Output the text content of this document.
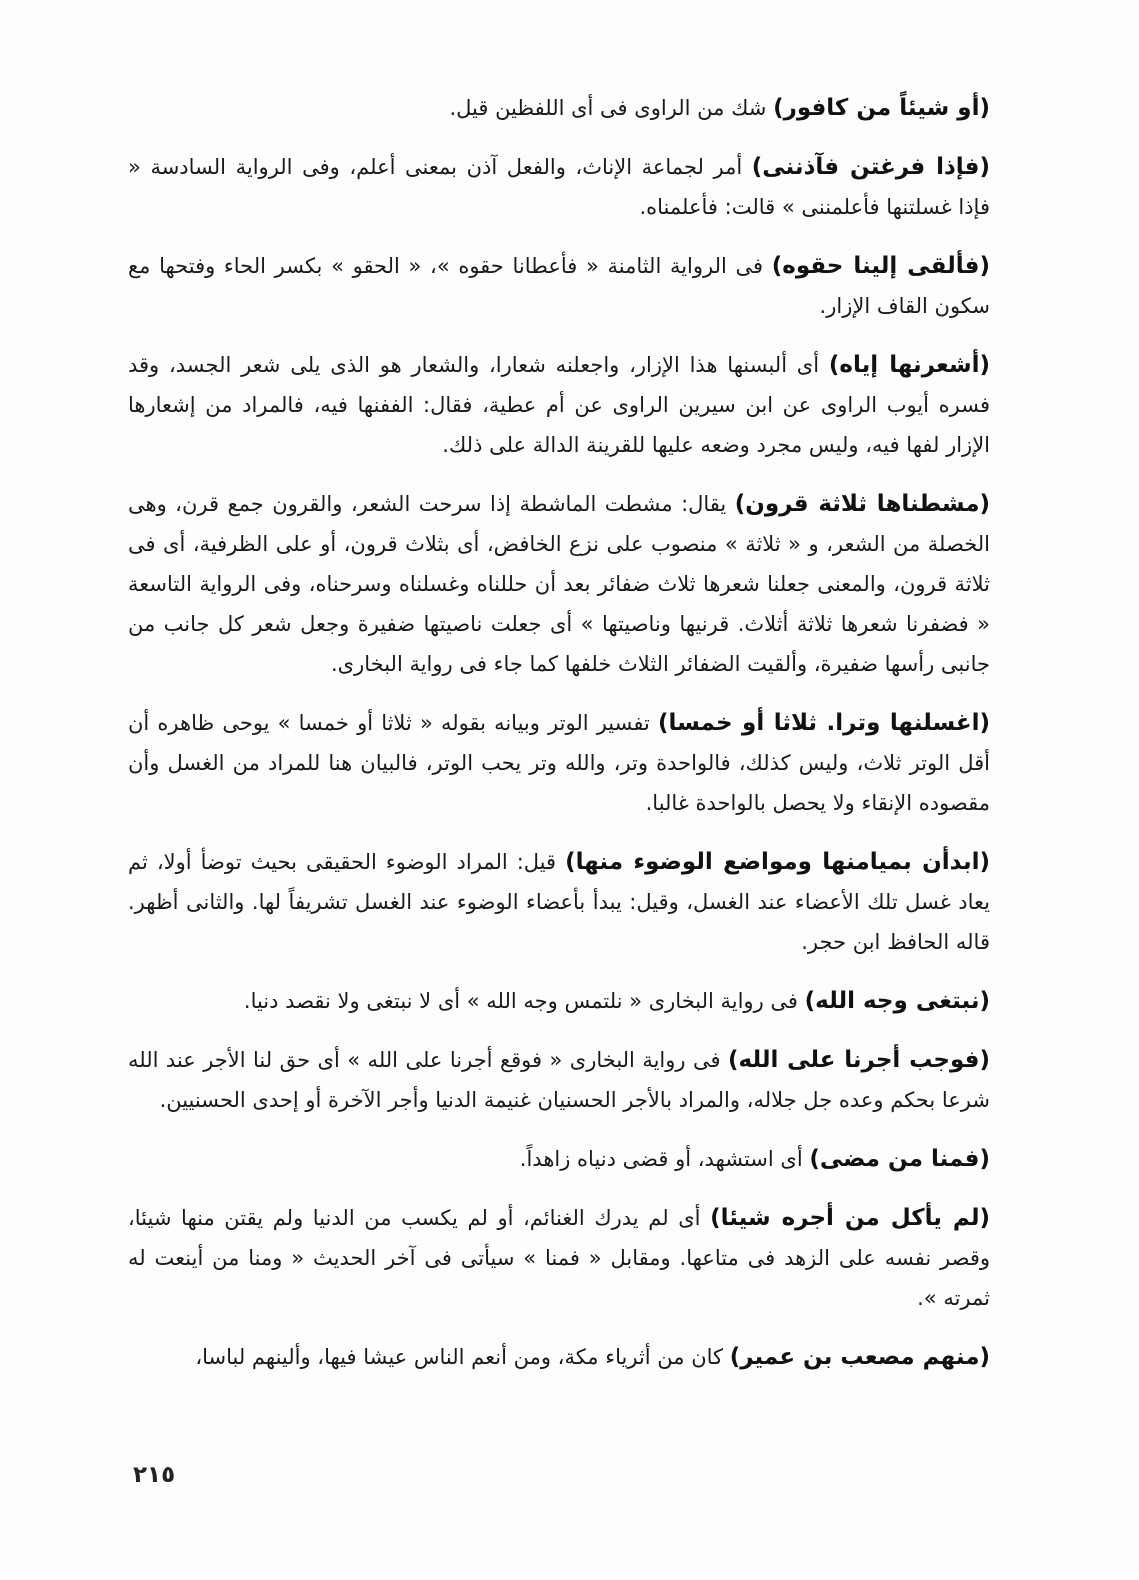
(أو شيئاً من كافور) شك من الراوى فى أى اللفظين قيل.

(فإذا فرغتن فآذننى) أمر لجماعة الإناث، والفعل آذن بمعنى أعلم، وفى الرواية السادسة « فإذا غسلتنها فأعلمننى » قالت: فأعلمناه.

(فألقى إلينا حقوه) فى الرواية الثامنة « فأعطانا حقوه »، « الحقو » بكسر الحاء وفتحها مع سكون القاف الإزار.

(أشعرنها إياه) أى ألبسنها هذا الإزار، واجعلنه شعارا، والشعار هو الذى يلى شعر الجسد، وقد فسره أيوب الراوى عن ابن سيرين الراوى عن أم عطية، فقال: الففنها فيه، فالمراد من إشعارها الإزار لفها فيه، وليس مجرد وضعه عليها للقرينة الدالة على ذلك.

(مشطناها ثلاثة قرون) يقال: مشطت الماشطة إذا سرحت الشعر، والقرون جمع قرن، وهى الخصلة من الشعر، و « ثلاثة » منصوب على نزع الخافض، أى بثلاث قرون، أو على الظرفية، أى فى ثلاثة قرون، والمعنى جعلنا شعرها ثلاث ضفائر بعد أن حللناه وغسلناه وسرحناه، وفى الرواية التاسعة « فضفرنا شعرها ثلاثة أثلاث. قرنيها وناصيتها » أى جعلت ناصيتها ضفيرة وجعل شعر كل جانب من جانبى رأسها ضفيرة، وألقيت الضفائر الثلاث خلفها كما جاء فى رواية البخارى.

(اغسلنها وترا. ثلاثا أو خمسا) تفسير الوتر وبيانه بقوله « ثلاثا أو خمسا » يوحى ظاهره أن أقل الوتر ثلاث، وليس كذلك، فالواحدة وتر، والله وتر يحب الوتر، فالبيان هنا للمراد من الغسل وأن مقصوده الإنقاء ولا يحصل بالواحدة غالبا.

(ابدأن بميامنها ومواضع الوضوء منها) قيل: المراد الوضوء الحقيقى بحيث توضأ أولا، ثم يعاد غسل تلك الأعضاء عند الغسل، وقيل: يبدأ بأعضاء الوضوء عند الغسل تشريفاً لها. والثانى أظهر. قاله الحافظ ابن حجر.

(نبتغى وجه الله) فى رواية البخارى « نلتمس وجه الله » أى لا نبتغى ولا نقصد دنيا.

(فوجب أجرنا على الله) فى رواية البخارى « فوقع أجرنا على الله » أى حق لنا الأجر عند الله شرعا بحكم وعده جل جلاله، والمراد بالأجر الحسنيان غنيمة الدنيا وأجر الآخرة أو إحدى الحسنيين.

(فمنا من مضى) أى استشهد، أو قضى دنياه زاهداً.

(لم يأكل من أجره شيئا) أى لم يدرك الغنائم، أو لم يكسب من الدنيا ولم يقتن منها شيئا، وقصر نفسه على الزهد فى متاعها. ومقابل « فمنا » سيأتى فى آخر الحديث « ومنا من أينعت له ثمرته ».

(منهم مصعب بن عمير) كان من أثرياء مكة، ومن أنعم الناس عيشا فيها، وألينهم لباسا،

٢١٥
